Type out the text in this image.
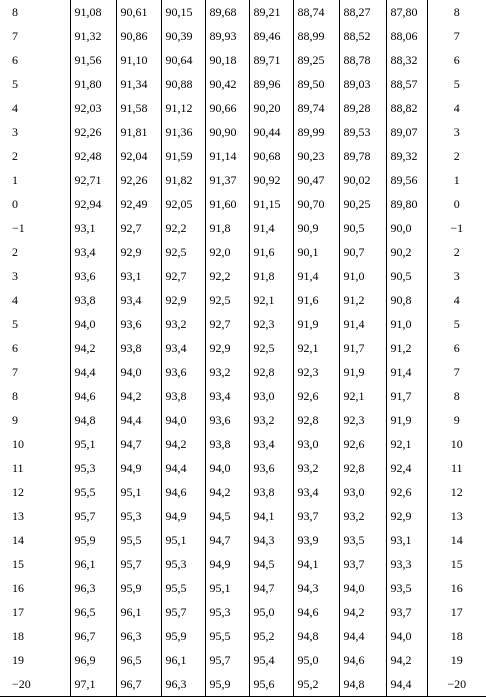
8	91,08	90,61	90,15	89,68	89,21	88,74	88,27	87,80	8
7	91,32	90,86	90,39	89,93	89,46	88,99	88,52	88,06	7
6	91,56	91,10	90,64	90,18	89,71	89,25	88,78	88,32	6
5	91,80	91,34	90,88	90,42	89,96	89,50	89,03	88,57	5
4	92,03	91,58	91,12	90,66	90,20	89,74	89,28	88,82	4
3	92,26	91,81	91,36	90,90	90,44	89,99	89,53	89,07	3
2	92,48	92,04	91,59	91,14	90,68	90,23	89,78	89,32	2
1	92,71	92,26	91,82	91,37	90,92	90,47	90,02	89,56	1
0	92,94	92,49	92,05	91,60	91,15	90,70	90,25	89,80	0
−1	93,1	92,7	92,2	91,8	91,4	90,9	90,5	90,0	−1
2	93,4	92,9	92,5	92,0	91,6	90,1	90,7	90,2	2
3	93,6	93,1	92,7	92,2	91,8	91,4	91,0	90,5	3
4	93,8	93,4	92,9	92,5	92,1	91,6	91,2	90,8	4
5	94,0	93,6	93,2	92,7	92,3	91,9	91,4	91,0	5
6	94,2	93,8	93,4	92,9	92,5	92,1	91,7	91,2	6
7	94,4	94,0	93,6	93,2	92,8	92,3	91,9	91,4	7
8	94,6	94,2	93,8	93,4	93,0	92,6	92,1	91,7	8
9	94,8	94,4	94,0	93,6	93,2	92,8	92,3	91,9	9
10	95,1	94,7	94,2	93,8	93,4	93,0	92,6	92,1	10
11	95,3	94,9	94,4	94,0	93,6	93,2	92,8	92,4	11
12	95,5	95,1	94,6	94,2	93,8	93,4	93,0	92,6	12
13	95,7	95,3	94,9	94,5	94,1	93,7	93,2	92,9	13
14	95,9	95,5	95,1	94,7	94,3	93,9	93,5	93,1	14
15	96,1	95,7	95,3	94,9	94,5	94,1	93,7	93,3	15
16	96,3	95,9	95,5	95,1	94,7	94,3	94,0	93,5	16
17	96,5	96,1	95,7	95,3	95,0	94,6	94,2	93,7	17
18	96,7	96,3	95,9	95,5	95,2	94,8	94,4	94,0	18
19	96,9	96,5	96,1	95,7	95,4	95,0	94,6	94,2	19
−20	97,1	96,7	96,3	95,9	95,6	95,2	94,8	94,4	−20
